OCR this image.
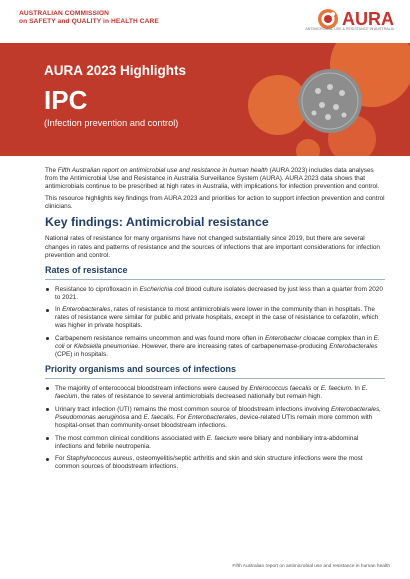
AUSTRALIAN COMMISSION
on SAFETY and QUALITY in HEALTH CARE	AURA
ANTIMICROBIAL USE & RESISTANCE IN AUSTRALIA
AURA 2023 Highlights
IPC
(Infection prevention and control)

The Fifth Australian report on antimicrobial use and resistance in human health (AURA 2023) includes data analyses from the Antimicrobial Use and Resistance in Australia Surveillance System (AURA). AURA 2023 data shows that antimicrobials continue to be prescribed at high rates in Australia, with implications for infection prevention and control.

This resource highlights key findings from AURA 2023 and priorities for action to support infection prevention and control clinicians.

Key findings: Antimicrobial resistance

National rates of resistance for many organisms have not changed substantially since 2019, but there are several changes in rates and patterns of resistance and the sources of infections that are important considerations for infection prevention and control.

Rates of resistance
Resistance to ciprofloxacin in Escherichia coli blood culture isolates decreased by just less than a quarter from 2020 to 2021.
In Enterobacterales, rates of resistance to most antimicrobials were lower in the community than in hospitals. The rates of resistance were similar for public and private hospitals, except in the case of resistance to cefazolin, which was higher in private hospitals.
Carbapenem resistance remains uncommon and was found more often in Enterobacter cloacae complex than in E. coli or Klebsiella pneumoniae. However, there are increasing rates of carbapenemase-producing Enterobacterales (CPE) in hospitals.
Priority organisms and sources of infections
The majority of enterococcal bloodstream infections were caused by Enterococcus faecalis or E. faecium. In E. faecium, the rates of resistance to several antimicrobials decreased nationally but remain high.
Urinary tract infection (UTI) remains the most common source of bloodstream infections involving Enterobacterales, Pseudomonas aeruginosa and E. faecalis. For Enterobacterales, device-related UTIs remain more common with hospital-onset than community-onset bloodstream infections.
The most common clinical conditions associated with E. faecium were biliary and nonbiliary intra-abdominal infections and febrile neutropenia.
For Staphylococcus aureus, osteomyelitis/septic arthritis and skin and skin structure infections were the most common sources of bloodstream infections.
Fifth Australian report on antimicrobial use and resistance in human health
